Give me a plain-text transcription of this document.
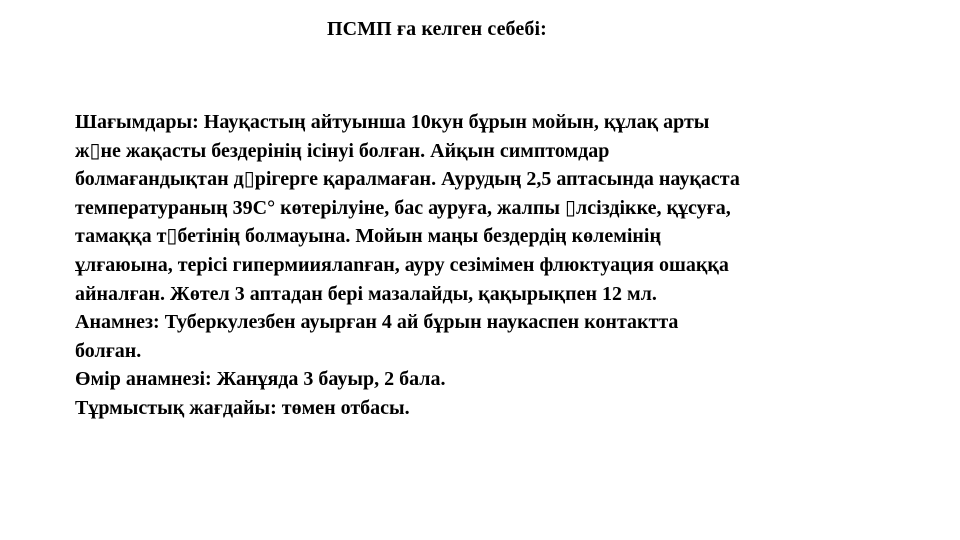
ПСМП ға келген себебі:
Шағымдары: Науқастың айтуынша 10кун бұрын мойын, құлақ арты
ж▯не жақасты бездерінің ісінуі болған. Айқын симптомдар
болмағандықтан д▯рігерге қаралмаған. Аурудың 2,5 аптасында науқаста
температураның 39С° көтерілуіне, бас ауруға, жалпы ▯лсіздікке, құсуға,
тамаққа т▯бетінің болмауына. Мойын маңы бездердің көлемінің
ұлғаюына, терісі гипермииялanған, ауру сезімімен флюктуация ошаққа
айналған. Жөтел 3 аптадан бері мазалайды, қақырықпен 12 мл.
Анамнез: Туберкулезбен ауырған 4 ай бұрын наукаспен контактта
болған.
Өмір анамнезі: Жанұяда 3 бауыр, 2 бала.
Тұрмыстық жағдайы: төмен отбасы.
